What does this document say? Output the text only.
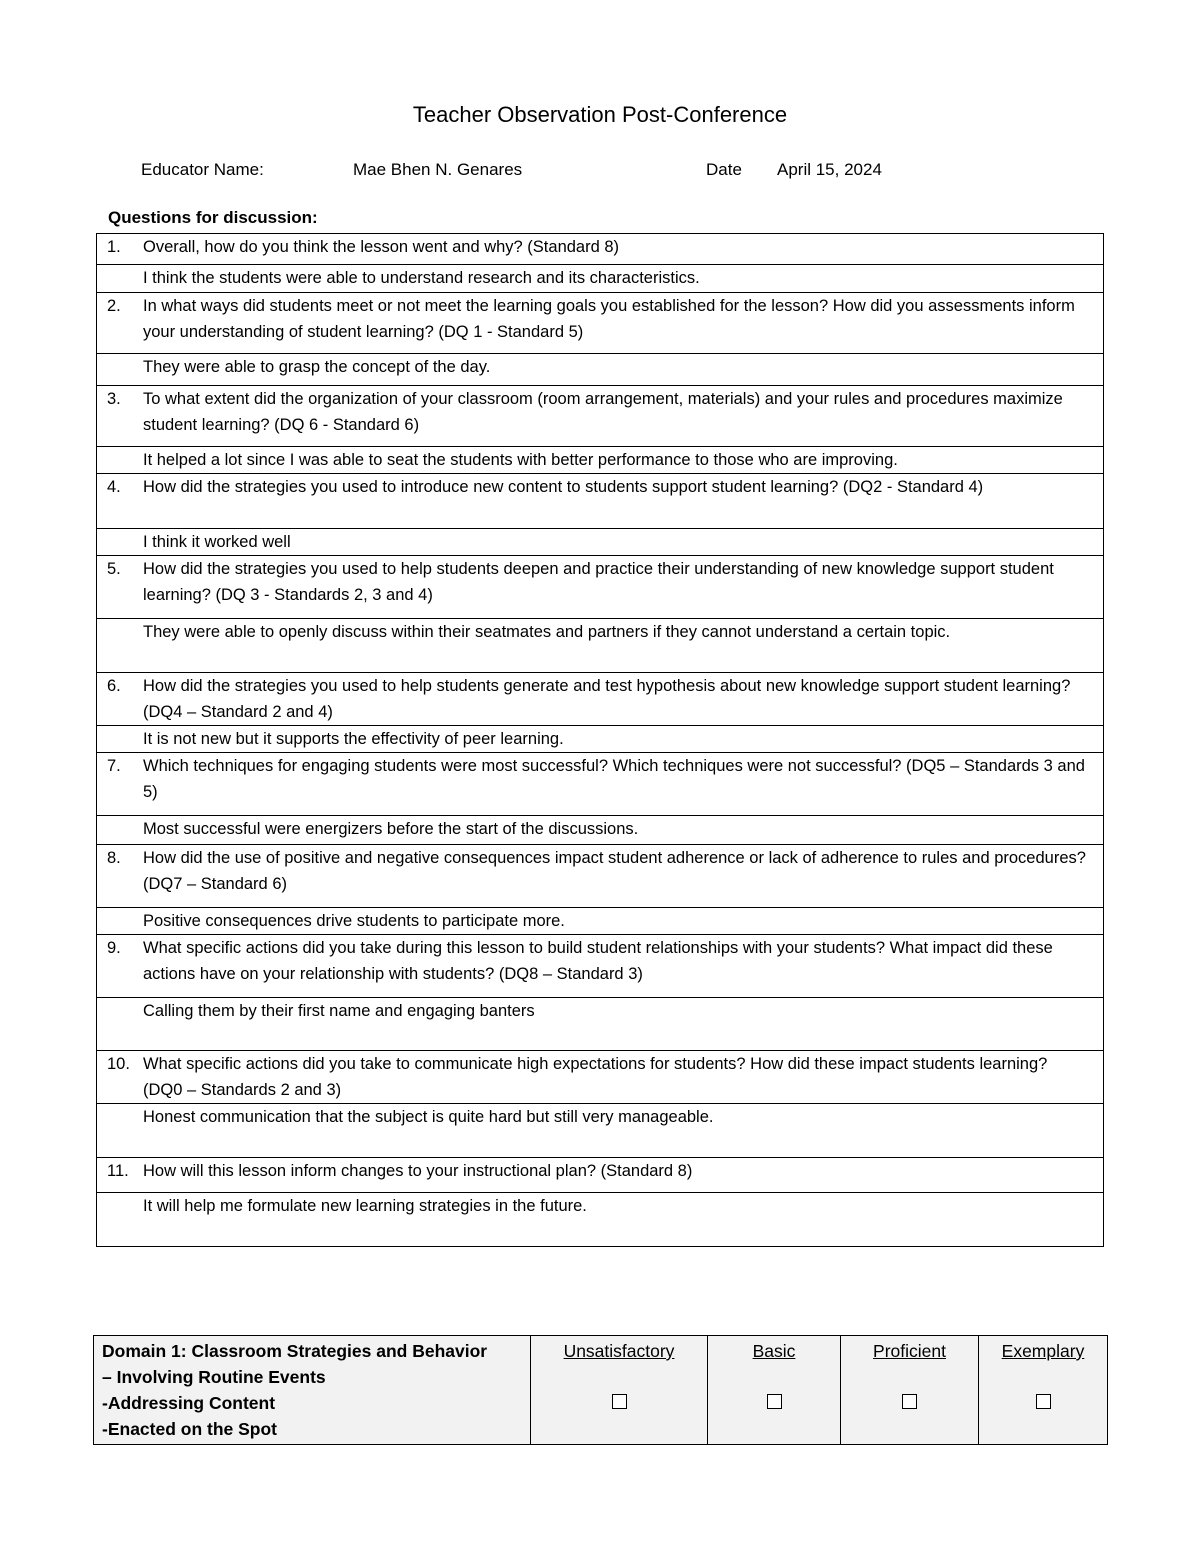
Teacher Observation Post-Conference
Educator Name:	Mae Bhen N. Genares	Date April 15, 2024
Questions for discussion:
1.	Overall, how do you think the lesson went and why? (Standard 8)
	I think the students were able to understand research and its characteristics.
2.	In what ways did students meet or not meet the learning goals you established for the lesson? How did you assessments inform your understanding of student learning? (DQ 1 - Standard 5)
	They were able to grasp the concept of the day.
3.	To what extent did the organization of your classroom (room arrangement, materials) and your rules and procedures maximize student learning? (DQ 6 - Standard 6)
	It helped a lot since I was able to seat the students with better performance to those who are improving.
4.	How did the strategies you used to introduce new content to students support student learning? (DQ2 - Standard 4)
	I think it worked well
5.	How did the strategies you used to help students deepen and practice their understanding of new knowledge support student learning? (DQ 3 - Standards 2, 3 and 4)
	They were able to openly discuss within their seatmates and partners if they cannot understand a certain topic.
6.	How did the strategies you used to help students generate and test hypothesis about new knowledge support student learning? (DQ4 – Standard 2 and 4)
	It is not new but it supports the effectivity of peer learning.
7.	Which techniques for engaging students were most successful? Which techniques were not successful? (DQ5 – Standards 3 and 5)
	Most successful were energizers before the start of the discussions.
8.	How did the use of positive and negative consequences impact student adherence or lack of adherence to rules and procedures? (DQ7 – Standard 6)
	Positive consequences drive students to participate more.
9.	What specific actions did you take during this lesson to build student relationships with your students? What impact did these actions have on your relationship with students? (DQ8 – Standard 3)
	Calling them by their first name and engaging banters
10.	What specific actions did you take to communicate high expectations for students? How did these impact students learning? (DQ0 – Standards 2 and 3)
	Honest communication that the subject is quite hard but still very manageable.
11.	How will this lesson inform changes to your instructional plan? (Standard 8)
	It will help me formulate new learning strategies in the future.
Domain 1: Classroom Strategies and Behavior
– Involving Routine Events
-Addressing Content
-Enacted on the Spot

Unsatisfactory	Basic	Proficient	Exemplary
